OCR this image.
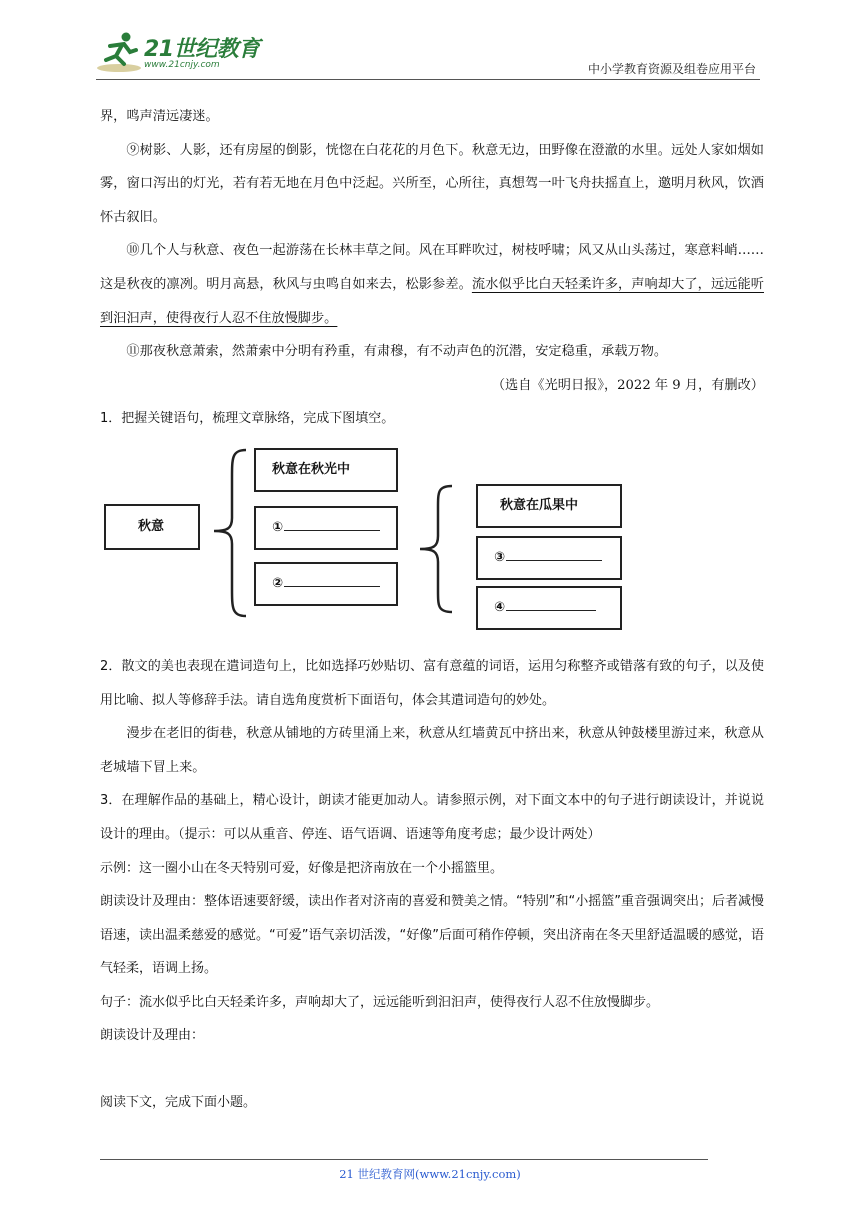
21世纪教育
www.21cnjy.com	中小学教育资源及组卷应用平台

界，鸣声清远凄迷。

⑨树影、人影，还有房屋的倒影，恍惚在白花花的月色下。秋意无边，田野像在澄澈的水里。远处人家如烟如雾，窗口泻出的灯光，若有若无地在月色中泛起。兴所至，心所往，真想驾一叶飞舟扶摇直上，邀明月秋风，饮酒怀古叙旧。

⑩几个人与秋意、夜色一起游荡在长林丰草之间。风在耳畔吹过，树枝呼啸；风又从山头荡过，寒意料峭……这是秋夜的凛冽。明月高悬，秋风与虫鸣自如来去，松影参差。流水似乎比白天轻柔许多，声响却大了，远远能听到汩汩声，使得夜行人忍不住放慢脚步。

⑪那夜秋意萧索，然萧索中分明有矜重，有肃穆，有不动声色的沉潜，安定稳重，承载万物。

（选自《光明日报》，2022 年 9 月，有删改）

1．把握关键语句，梳理文章脉络，完成下图填空。

秋意
秋意在秋光中
①
②
秋意在瓜果中
③
④

2．散文的美也表现在遣词造句上，比如选择巧妙贴切、富有意蕴的词语，运用匀称整齐或错落有致的句子，以及使用比喻、拟人等修辞手法。请自选角度赏析下面语句，体会其遣词造句的妙处。

漫步在老旧的街巷，秋意从铺地的方砖里涌上来，秋意从红墙黄瓦中挤出来，秋意从钟鼓楼里游过来，秋意从老城墙下冒上来。

3．在理解作品的基础上，精心设计，朗读才能更加动人。请参照示例，对下面文本中的句子进行朗读设计，并说说设计的理由。（提示：可以从重音、停连、语气语调、语速等角度考虑；最少设计两处）

示例：这一圈小山在冬天特别可爱，好像是把济南放在一个小摇篮里。

朗读设计及理由：整体语速要舒缓，读出作者对济南的喜爱和赞美之情。“特别”和“小摇篮”重音强调突出；后者减慢语速，读出温柔慈爱的感觉。“可爱”语气亲切活泼，“好像”后面可稍作停顿，突出济南在冬天里舒适温暖的感觉，语气轻柔，语调上扬。

句子：流水似乎比白天轻柔许多，声响却大了，远远能听到汩汩声，使得夜行人忍不住放慢脚步。

朗读设计及理由：

阅读下文，完成下面小题。

21 世纪教育网(www.21cnjy.com)
